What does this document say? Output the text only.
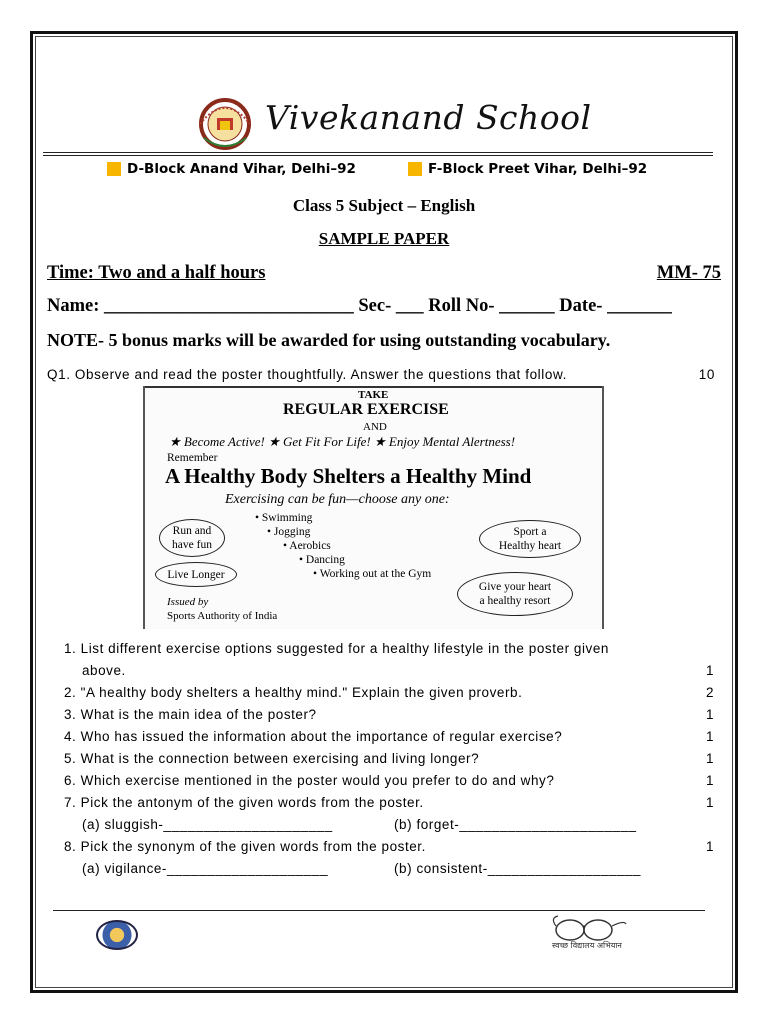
Vivekanand School
D-Block Anand Vihar, Delhi–92	F-Block Preet Vihar, Delhi–92
Class 5 Subject – English
SAMPLE PAPER
Time: Two and a half hours	MM- 75
Name: ___________________________ Sec- ___ Roll No- ______ Date- _______
NOTE- 5 bonus marks will be awarded for using outstanding vocabulary.
Q1. Observe and read the poster thoughtfully. Answer the questions that follow.	10
TAKE
REGULAR EXERCISE
AND
★ Become Active! ★ Get Fit For Life! ★ Enjoy Mental Alertness!
Remember
A Healthy Body Shelters a Healthy Mind
Exercising can be fun—choose any one:
• Swimming
• Jogging
• Aerobics
• Dancing
• Working out at the Gym
Run and
have fun
Live Longer
Sport a
Healthy heart
Give your heart
a healthy resort
Issued by
Sports Authority of India
1. List different exercise options suggested for a healthy lifestyle in the poster given
above.	1
2. "A healthy body shelters a healthy mind." Explain the given proverb.	2
3. What is the main idea of the poster?	1
4. Who has issued the information about the importance of regular exercise?	1
5. What is the connection between exercising and living longer?	1
6. Which exercise mentioned in the poster would you prefer to do and why?	1
7. Pick the antonym of the given words from the poster.	1
(a) sluggish-_____________________	(b) forget-______________________
8. Pick the synonym of the given words from the poster.	1
(a) vigilance-____________________	(b) consistent-___________________
स्वच्छ विद्यालय अभियान
